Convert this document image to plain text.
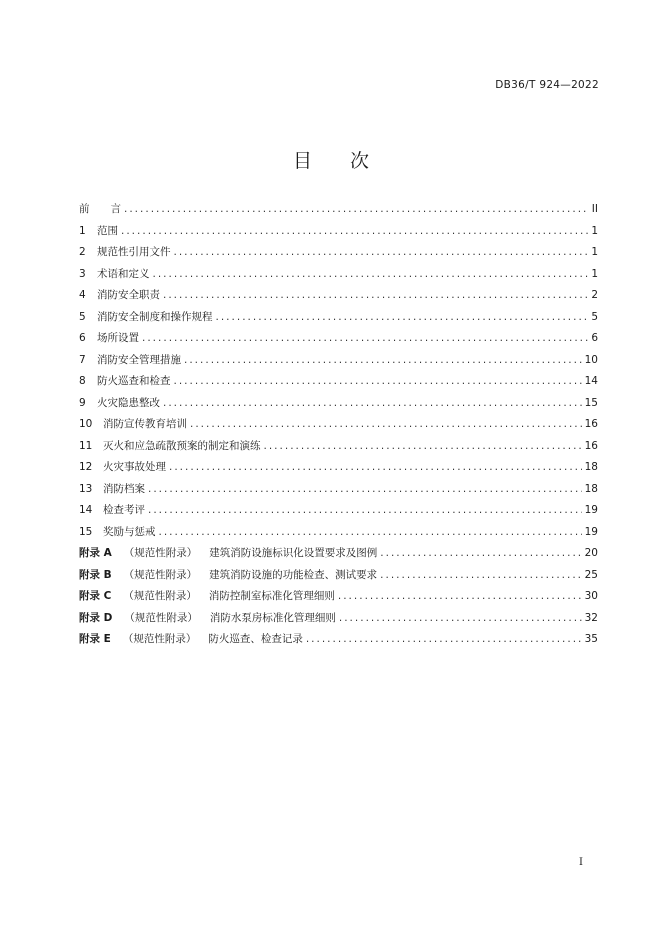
DB36/T 924—2022
目次
前　　言 .....	II
1	范围 .....	1
2	规范性引用文件 .....	1
3	术语和定义 .....	1
4	消防安全职责 .....	2
5	消防安全制度和操作规程 .....	5
6	场所设置 .....	6
7	消防安全管理措施 .....	10
8	防火巡查和检查 .....	14
9	火灾隐患整改 .....	15
10	消防宣传教育培训 .....	16
11	灭火和应急疏散预案的制定和演练 .....	16
12	火灾事故处理 .....	18
13	消防档案 .....	18
14	检查考评 .....	19
15	奖励与惩戒 .....	19
附录 A （规范性附录） 建筑消防设施标识化设置要求及图例 .....	20
附录 B （规范性附录） 建筑消防设施的功能检查、测试要求 .....	25
附录 C （规范性附录） 消防控制室标准化管理细则 .....	30
附录 D （规范性附录） 消防水泵房标准化管理细则 .....	32
附录 E （规范性附录） 防火巡查、检查记录 .....	35
I
